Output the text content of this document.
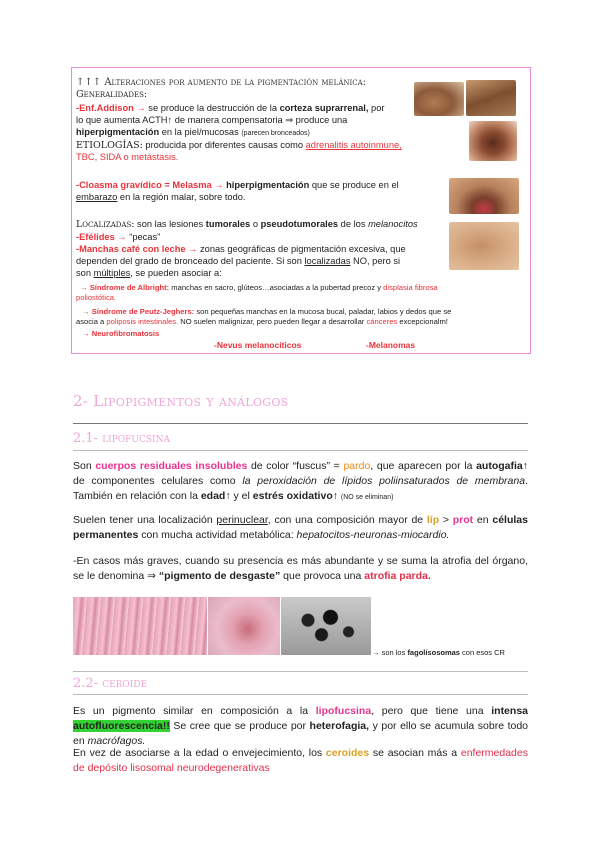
↑↑↑ Alteraciones por aumento de la pigmentación melánica:
Generalidades:
-Enf.Addison → se produce la destrucción de la corteza suprarrenal, por
lo que aumenta ACTH↑ de manera compensatoria ⇒ produce una
hiperpigmentación en la piel/mucosas (parecen bronceados)
ETIOLOGÍAS: producida por diferentes causas como adrenalitis autoinmune,
TBC, SIDA o metástasis.
-Cloasma gravídico = Melasma → hiperpigmentación que se produce en el
embarazo en la región malar, sobre todo.
Localizadas: son las lesiones tumorales o pseudotumorales de los melanocitos
-Efélides → “pecas”
-Manchas café con leche → zonas geográficas de pigmentación excesiva, que
dependen del grado de bronceado del paciente. Si son localizadas NO, pero si
son múltiples, se pueden asociar a:
→ Síndrome de Albright: manchas en sacro, glúteos…asociadas a la pubertad precoz y displasia fibrosa
poliostótica.
→ Síndrome de Peutz-Jeghers: son pequeñas manchas en la mucosa bucal, paladar, labios y dedos que se
asocia a poliposis intestinales. NO suelen malignizar, pero pueden llegar a desarrollar cánceres excepcionalm!
→ Neurofibromatosis
-Nevus melanocíticos	-Melanomas
2- Lipopigmentos y análogos
2.1- lipofucsina
Son cuerpos residuales insolubles de color “fuscus” = pardo, que aparecen por la autogafia↑ de componentes celulares como la peroxidación de lípidos poliinsaturados de membrana. También en relación con la edad↑ y el estrés oxidativo↑ (NO se eliminan)
Suelen tener una localización perinuclear, con una composición mayor de líp > prot en células permanentes con mucha actividad metabólica: hepatocitos-neuronas-miocardio.
-En casos más graves, cuando su presencia es más abundante y se suma la atrofia del órgano, se le denomina ⇒ “pigmento de desgaste” que provoca una atrofia parda.
→ son los fagolisosomas con esos CR
2.2- ceroide
Es un pigmento similar en composición a la lipofucsina, pero que tiene una intensa autofluorescencia!! Se cree que se produce por heterofagia, y por ello se acumula sobre todo en macrófagos.
En vez de asociarse a la edad o envejecimiento, los ceroides se asocian más a enfermedades de depósito lisosomal neurodegenerativas
